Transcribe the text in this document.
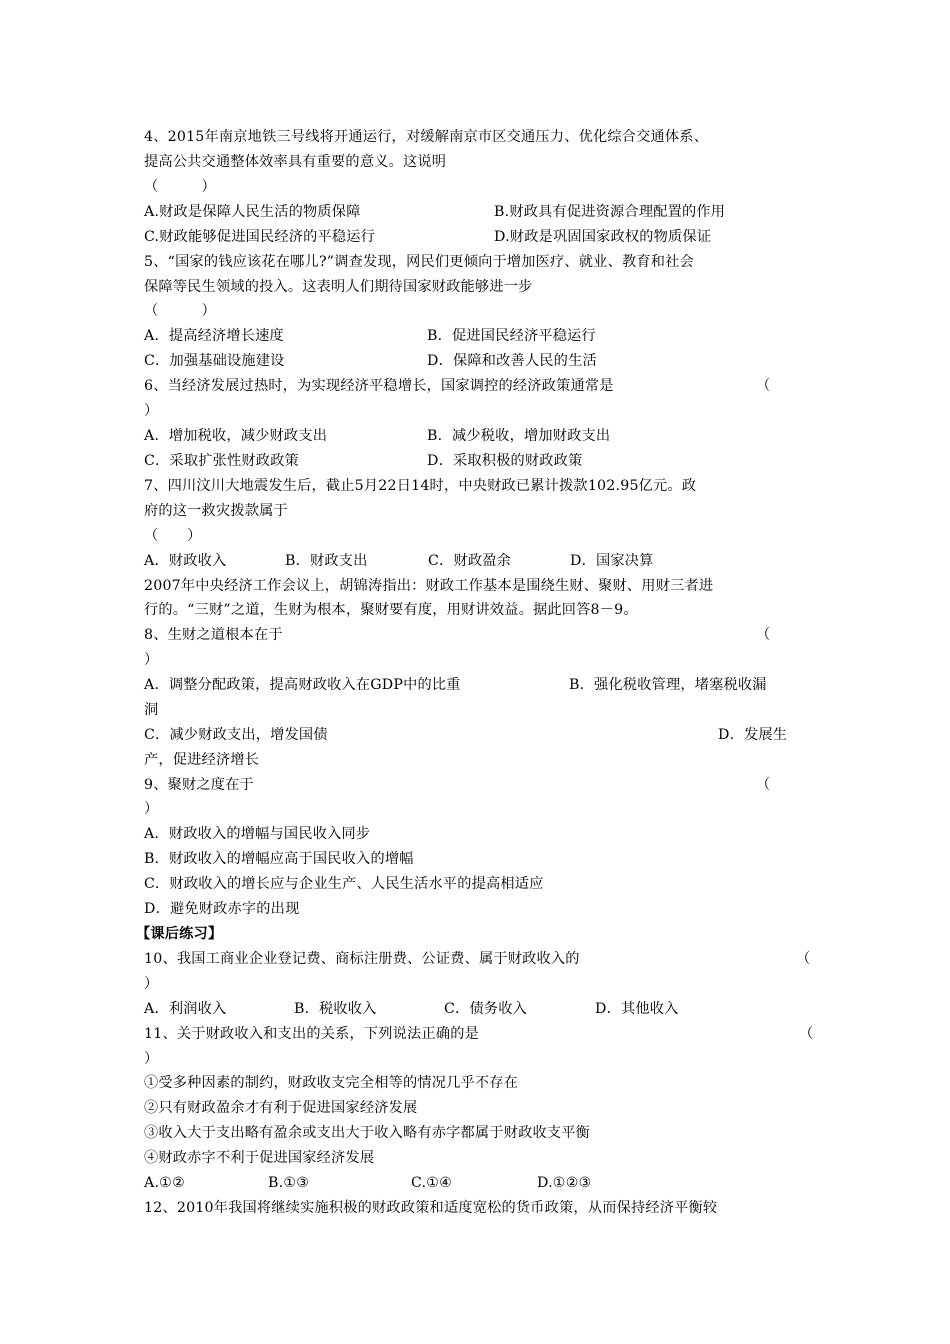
4、2015年南京地铁三号线将开通运行，对缓解南京市区交通压力、优化综合交通体系、
提高公共交通整体效率具有重要的意义。这说明
（　　　）
A.财政是保障人民生活的物质保障	B.财政具有促进资源合理配置的作用
C.财政能够促进国民经济的平稳运行	D.财政是巩固国家政权的物质保证
5、“国家的钱应该花在哪儿?”调查发现，网民们更倾向于增加医疗、就业、教育和社会
保障等民生领域的投入。这表明人们期待国家财政能够进一步
（　　　）
A．提高经济增长速度	B．促进国民经济平稳运行
C．加强基础设施建设	D．保障和改善人民的生活
6、当经济发展过热时，为实现经济平稳增长，国家调控的经济政策通常是	（
）
A．增加税收，减少财政支出	B．减少税收，增加财政支出
C．采取扩张性财政政策	D．采取积极的财政政策
7、四川汶川大地震发生后，截止5月22日14时，中央财政已累计拨款102.95亿元。政
府的这一救灾拨款属于
（　　）
A．财政收入	B．财政支出	C．财政盈余	D．国家决算
2007年中央经济工作会议上，胡锦涛指出：财政工作基本是围绕生财、聚财、用财三者进
行的。“三财”之道，生财为根本，聚财要有度，用财讲效益。据此回答8－9。
8、生财之道根本在于	（
）
A．调整分配政策，提高财政收入在GDP中的比重	B．强化税收管理，堵塞税收漏
洞
C．减少财政支出，增发国债	D．发展生
产，促进经济增长
9、聚财之度在于	（
）
A．财政收入的增幅与国民收入同步
B．财政收入的增幅应高于国民收入的增幅
C．财政收入的增长应与企业生产、人民生活水平的提高相适应
D．避免财政赤字的出现
【课后练习】
10、我国工商业企业登记费、商标注册费、公证费、属于财政收入的	（
）
A．利润收入	B．税收收入	C．债务收入	D．其他收入
11、关于财政收入和支出的关系，下列说法正确的是	（
）
①受多种因素的制约，财政收支完全相等的情况几乎不存在
②只有财政盈余才有利于促进国家经济发展
③收入大于支出略有盈余或支出大于收入略有赤字都属于财政收支平衡
④财政赤字不利于促进国家经济发展
A.①②	B.①③	C.①④	D.①②③
12、2010年我国将继续实施积极的财政政策和适度宽松的货币政策，从而保持经济平衡较
